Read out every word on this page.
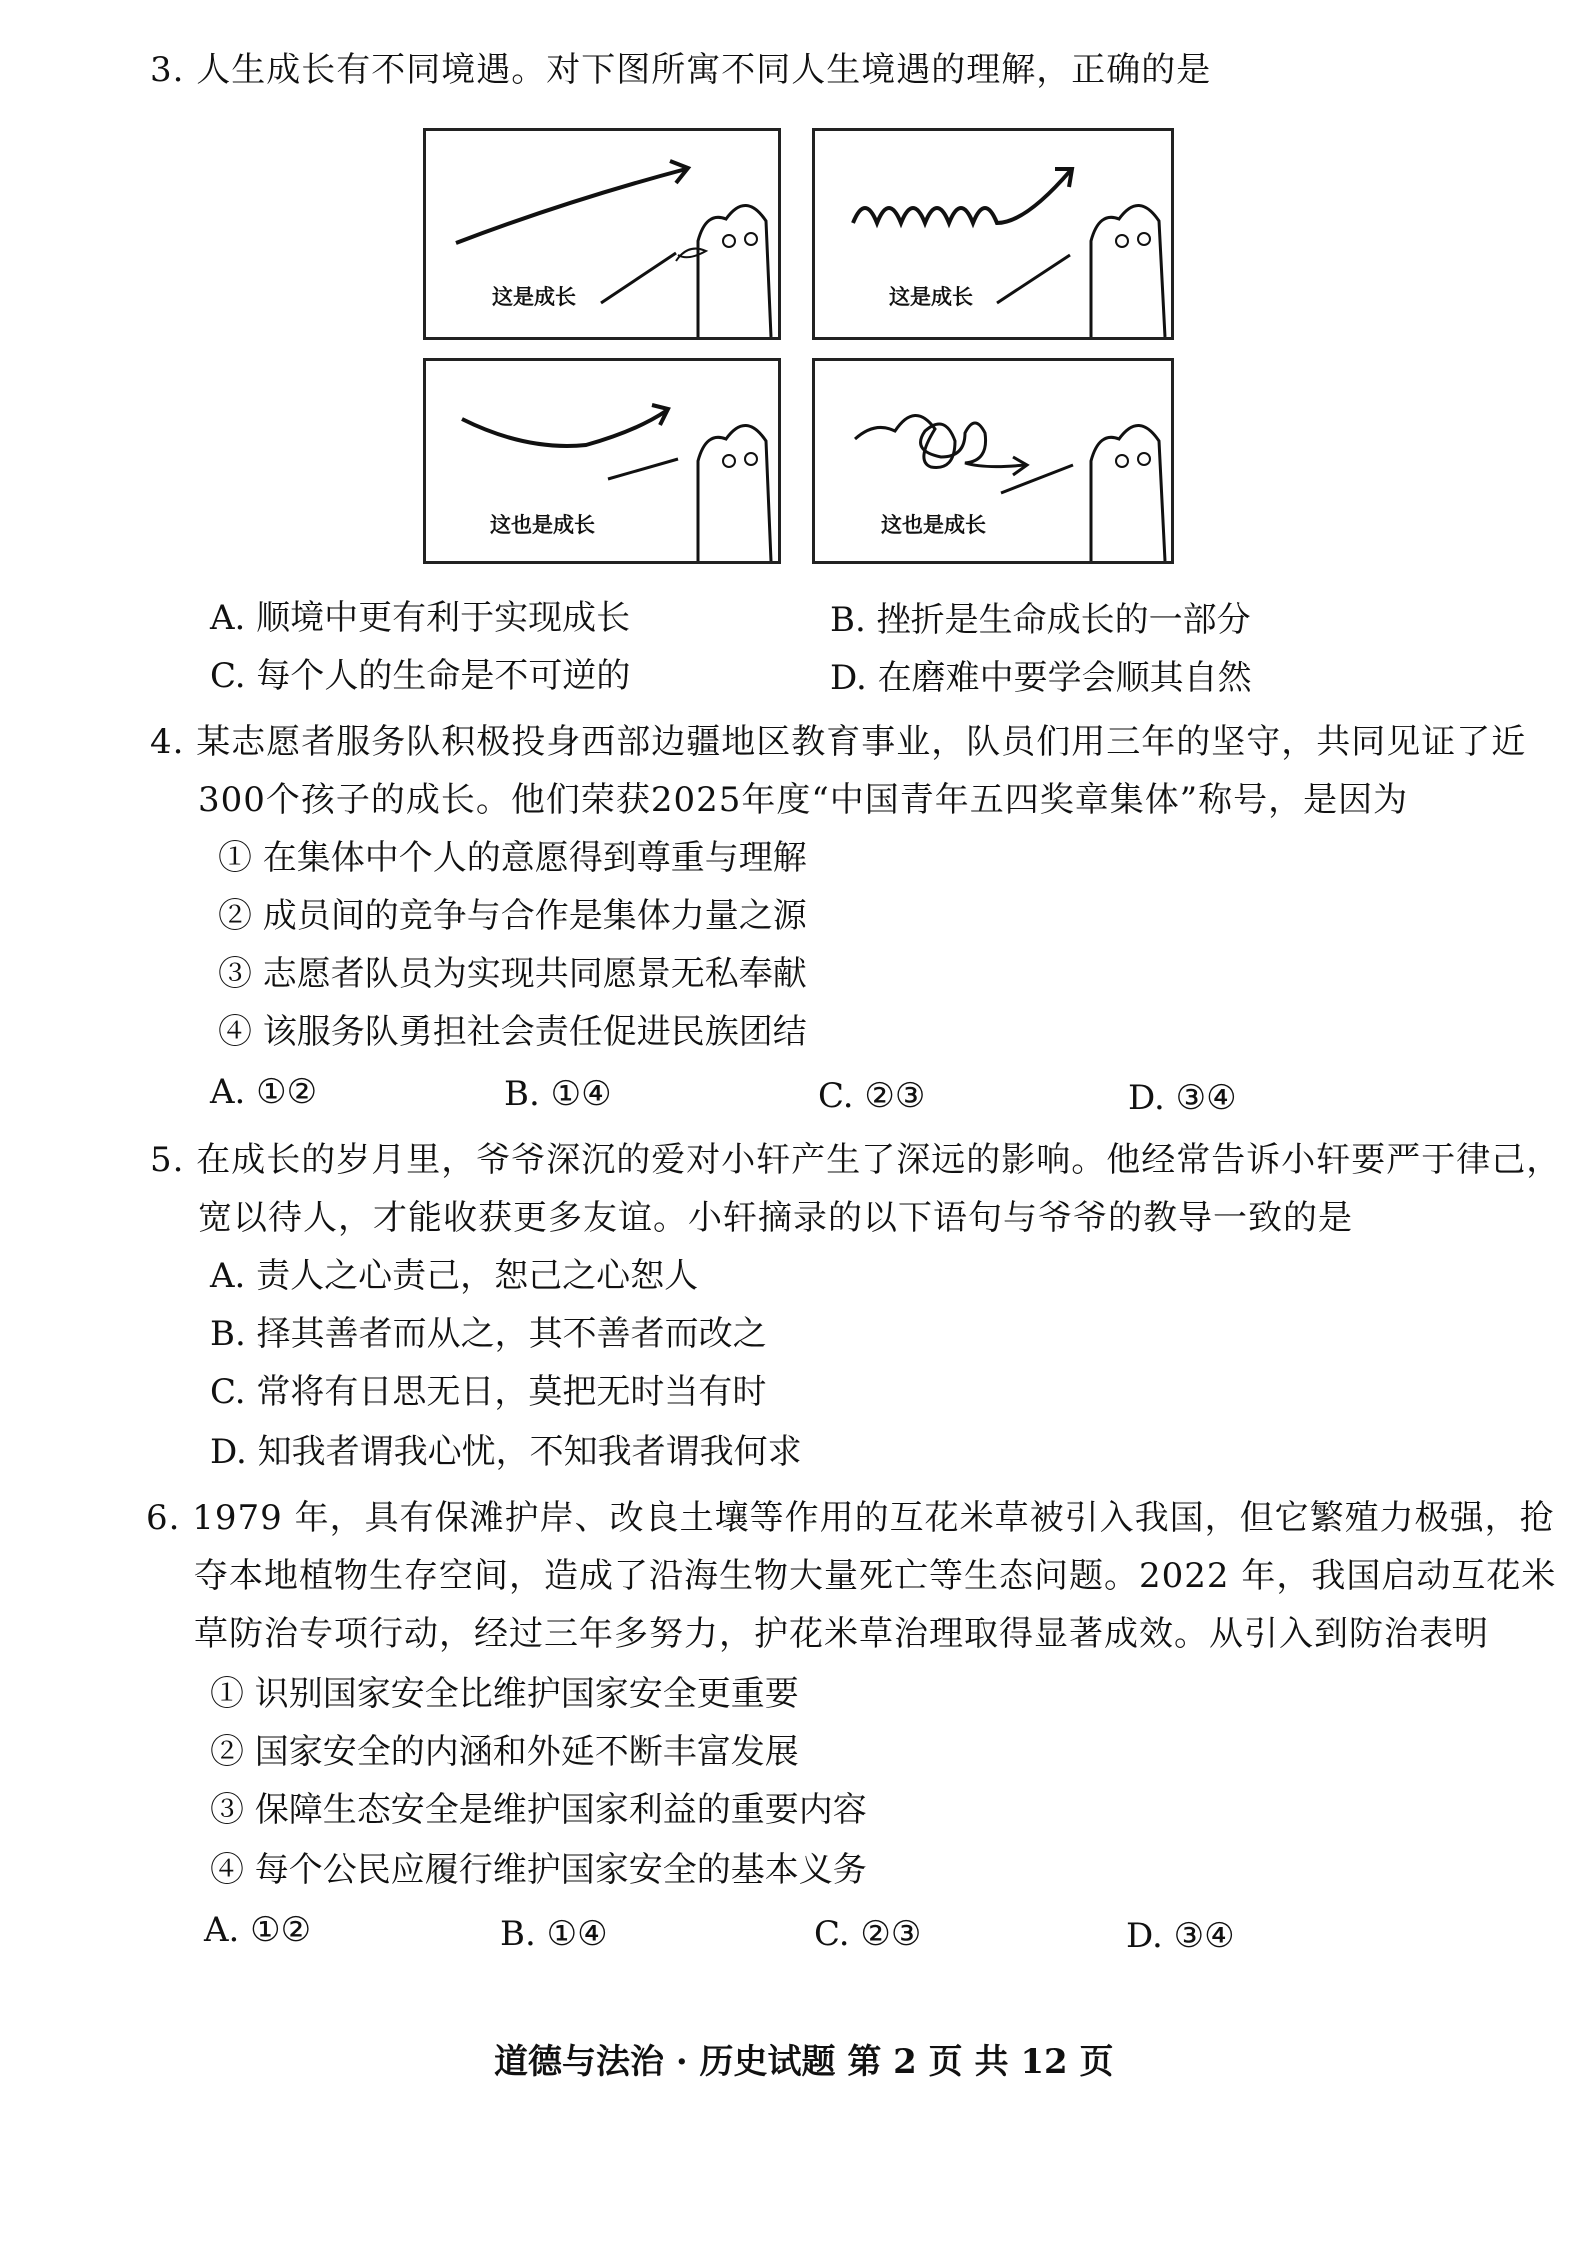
3. 人生成长有不同境遇。对下图所寓不同人生境遇的理解，正确的是
这是成长	这是成长
这也是成长	这也是成长
A. 顺境中更有利于实现成长	B. 挫折是生命成长的一部分
C. 每个人的生命是不可逆的	D. 在磨难中要学会顺其自然
4. 某志愿者服务队积极投身西部边疆地区教育事业，队员们用三年的坚守，共同见证了近
300个孩子的成长。他们荣获2025年度“中国青年五四奖章集体”称号，是因为
① 在集体中个人的意愿得到尊重与理解
② 成员间的竞争与合作是集体力量之源
③ 志愿者队员为实现共同愿景无私奉献
④ 该服务队勇担社会责任促进民族团结
A. ①②	B. ①④	C. ②③	D. ③④
5. 在成长的岁月里，爷爷深沉的爱对小轩产生了深远的影响。他经常告诉小轩要严于律己，
宽以待人，才能收获更多友谊。小轩摘录的以下语句与爷爷的教导一致的是
A. 责人之心责己，恕己之心恕人
B. 择其善者而从之，其不善者而改之
C. 常将有日思无日，莫把无时当有时
D. 知我者谓我心忧，不知我者谓我何求
6. 1979 年，具有保滩护岸、改良土壤等作用的互花米草被引入我国，但它繁殖力极强，抢
夺本地植物生存空间，造成了沿海生物大量死亡等生态问题。2022 年，我国启动互花米
草防治专项行动，经过三年多努力，护花米草治理取得显著成效。从引入到防治表明
① 识别国家安全比维护国家安全更重要
② 国家安全的内涵和外延不断丰富发展
③ 保障生态安全是维护国家利益的重要内容
④ 每个公民应履行维护国家安全的基本义务
A. ①②	B. ①④	C. ②③	D. ③④
道德与法治 · 历史试题 第 2 页 共 12 页
